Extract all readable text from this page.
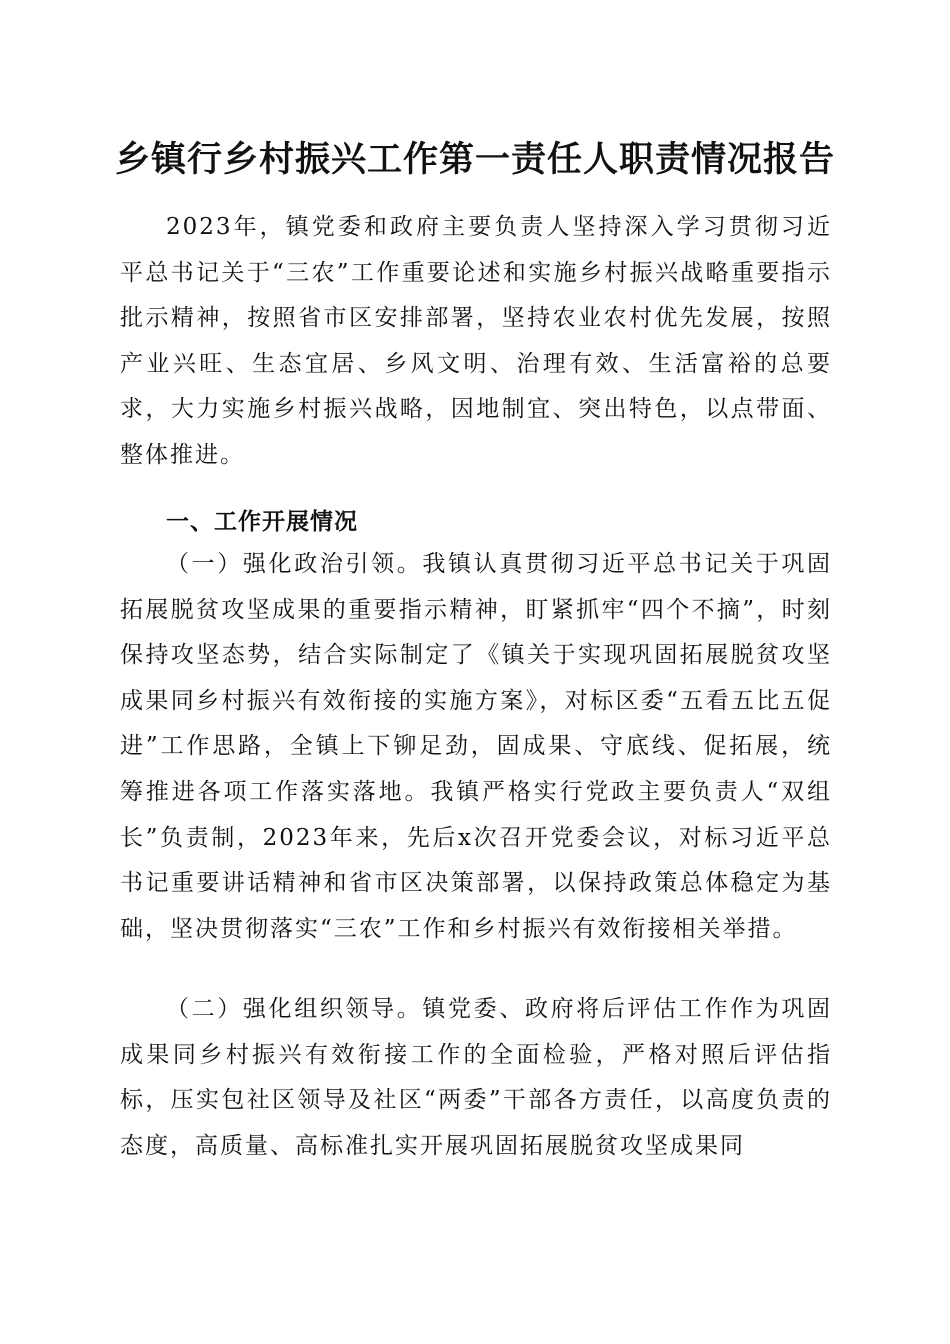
乡镇行乡村振兴工作第一责任人职责情况报告

2023年，镇党委和政府主要负责人坚持深入学习贯彻习近平总书记关于“三农”工作重要论述和实施乡村振兴战略重要指示批示精神，按照省市区安排部署，坚持农业农村优先发展，按照产业兴旺、生态宜居、乡风文明、治理有效、生活富裕的总要求，大力实施乡村振兴战略，因地制宜、突出特色，以点带面、整体推进。

一、工作开展情况

（一）强化政治引领。我镇认真贯彻习近平总书记关于巩固拓展脱贫攻坚成果的重要指示精神，盯紧抓牢“四个不摘”，时刻保持攻坚态势，结合实际制定了《镇关于实现巩固拓展脱贫攻坚成果同乡村振兴有效衔接的实施方案》，对标区委“五看五比五促进”工作思路，全镇上下铆足劲，固成果、守底线、促拓展，统筹推进各项工作落实落地。我镇严格实行党政主要负责人“双组长”负责制，2023年来，先后x次召开党委会议，对标习近平总书记重要讲话精神和省市区决策部署，以保持政策总体稳定为基础，坚决贯彻落实“三农”工作和乡村振兴有效衔接相关举措。

（二）强化组织领导。镇党委、政府将后评估工作作为巩固成果同乡村振兴有效衔接工作的全面检验，严格对照后评估指标，压实包社区领导及社区“两委”干部各方责任，以高度负责的态度，高质量、高标准扎实开展巩固拓展脱贫攻坚成果同
